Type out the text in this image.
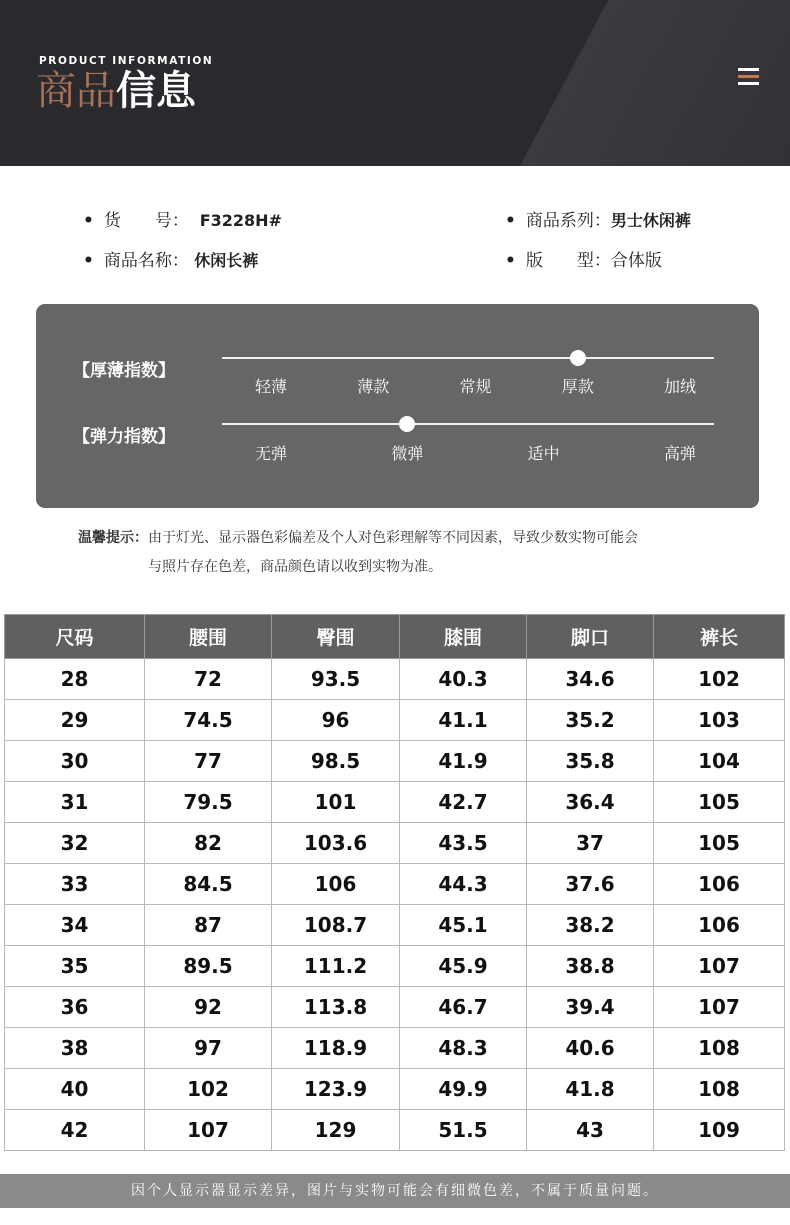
PRODUCT INFORMATION
商品信息
• 货　　号： F3228H#
• 商品名称： 休闲长裤
• 商品系列：男士休闲裤
• 版　　型：合体版
【厚薄指数】
轻薄	薄款	常规	厚款	加绒
【弹力指数】
无弹	微弹	适中	高弹
温馨提示：由于灯光、显示器色彩偏差及个人对色彩理解等不同因素，导致少数实物可能会
与照片存在色差，商品颜色请以收到实物为准。
尺码	腰围	臀围	膝围	脚口	裤长
28	72	93.5	40.3	34.6	102
29	74.5	96	41.1	35.2	103
30	77	98.5	41.9	35.8	104
31	79.5	101	42.7	36.4	105
32	82	103.6	43.5	37	105
33	84.5	106	44.3	37.6	106
34	87	108.7	45.1	38.2	106
35	89.5	111.2	45.9	38.8	107
36	92	113.8	46.7	39.4	107
38	97	118.9	48.3	40.6	108
40	102	123.9	49.9	41.8	108
42	107	129	51.5	43	109
因个人显示器显示差异，图片与实物可能会有细微色差，不属于质量问题。
